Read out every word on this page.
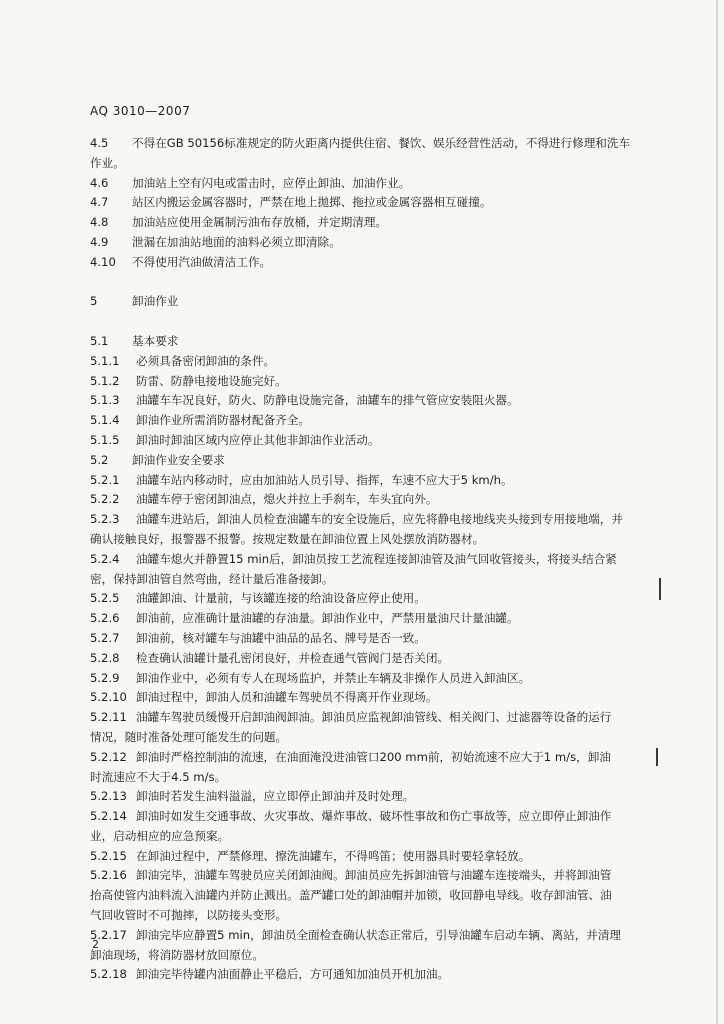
AQ 3010—2007
4.5 不得在GB 50156标准规定的防火距离内提供住宿、餐饮、娱乐经营性活动，不得进行修理和洗车
作业。
4.6 加油站上空有闪电或雷击时，应停止卸油、加油作业。
4.7 站区内搬运金属容器时，严禁在地上拋掷、拖拉或金属容器相互碰撞。
4.8 加油站应使用金属制污油布存放桶，并定期清理。
4.9 泄漏在加油站地面的油料必须立即清除。
4.10 不得使用汽油做清洁工作。
5	卸油作业
5.1 基本要求
5.1.1 必须具备密闭卸油的条件。
5.1.2 防雷、防静电接地设施完好。
5.1.3 油罐车车况良好，防火、防静电设施完备，油罐车的排气管应安装阻火器。
5.1.4 卸油作业所需消防器材配备齐全。
5.1.5 卸油时卸油区域内应停止其他非卸油作业活动。
5.2 卸油作业安全要求
5.2.1 油罐车站内移动时，应由加油站人员引导、指挥，车速不应大于5 km/h。
5.2.2 油罐车停于密闭卸油点，熄火并拉上手刹车，车头宜向外。
5.2.3 油罐车进站后，卸油人员检查油罐车的安全设施后，应先将静电接地线夹头接到专用接地端，并
确认接触良好，报警器不报警。按规定数量在卸油位置上风处摆放消防器材。
5.2.4 油罐车熄火并静置15 min后，卸油员按工艺流程连接卸油管及油气回收管接头，将接头结合紧
密，保持卸油管自然弯曲，经计量后准备接卸。
5.2.5 油罐卸油、计量前，与该罐连接的给油设备应停止使用。
5.2.6 卸油前，应准确计量油罐的存油量。卸油作业中，严禁用量油尺计量油罐。
5.2.7 卸油前，核对罐车与油罐中油品的品名、牌号是否一致。
5.2.8 检查确认油罐计量孔密闭良好，并检查通气管阀门是否关闭。
5.2.9 卸油作业中，必须有专人在现场监护，并禁止车辆及非操作人员进入卸油区。
5.2.10 卸油过程中，卸油人员和油罐车驾驶员不得离开作业现场。
5.2.11 油罐车驾驶员缓慢开启卸油阀卸油。卸油员应监视卸油管线、相关阀门、过滤器等设备的运行
情况，随时准备处理可能发生的问题。
5.2.12 卸油时严格控制油的流速，在油面淹没进油管口200 mm前，初始流速不应大于1 m/s，卸油
时流速应不大于4.5 m/s。
5.2.13 卸油时若发生油料溢溢，应立即停止卸油并及时处理。
5.2.14 卸油时如发生交通事故、火灾事故、爆炸事故、破坏性事故和伤亡事故等，应立即停止卸油作
业，启动相应的应急预案。
5.2.15 在卸油过程中，严禁修理、擦洗油罐车，不得鸣笛；使用器具时要轻拿轻放。
5.2.16 卸油完毕，油罐车驾驶员应关闭卸油阀。卸油员应先拆卸油管与油罐车连接端头，并将卸油管
抬高使管内油料流入油罐内并防止溅出。盖严罐口处的卸油帽并加锁，收回静电导线。收存卸油管、油
气回收管时不可抛摔，以防接头变形。
5.2.17 卸油完毕应静置5 min，卸油员全面检查确认状态正常后，引导油罐车启动车辆、离站，并清理
卸油现场，将消防器材放回原位。
5.2.18 卸油完毕待罐内油面静止平稳后，方可通知加油员开机加油。
2
